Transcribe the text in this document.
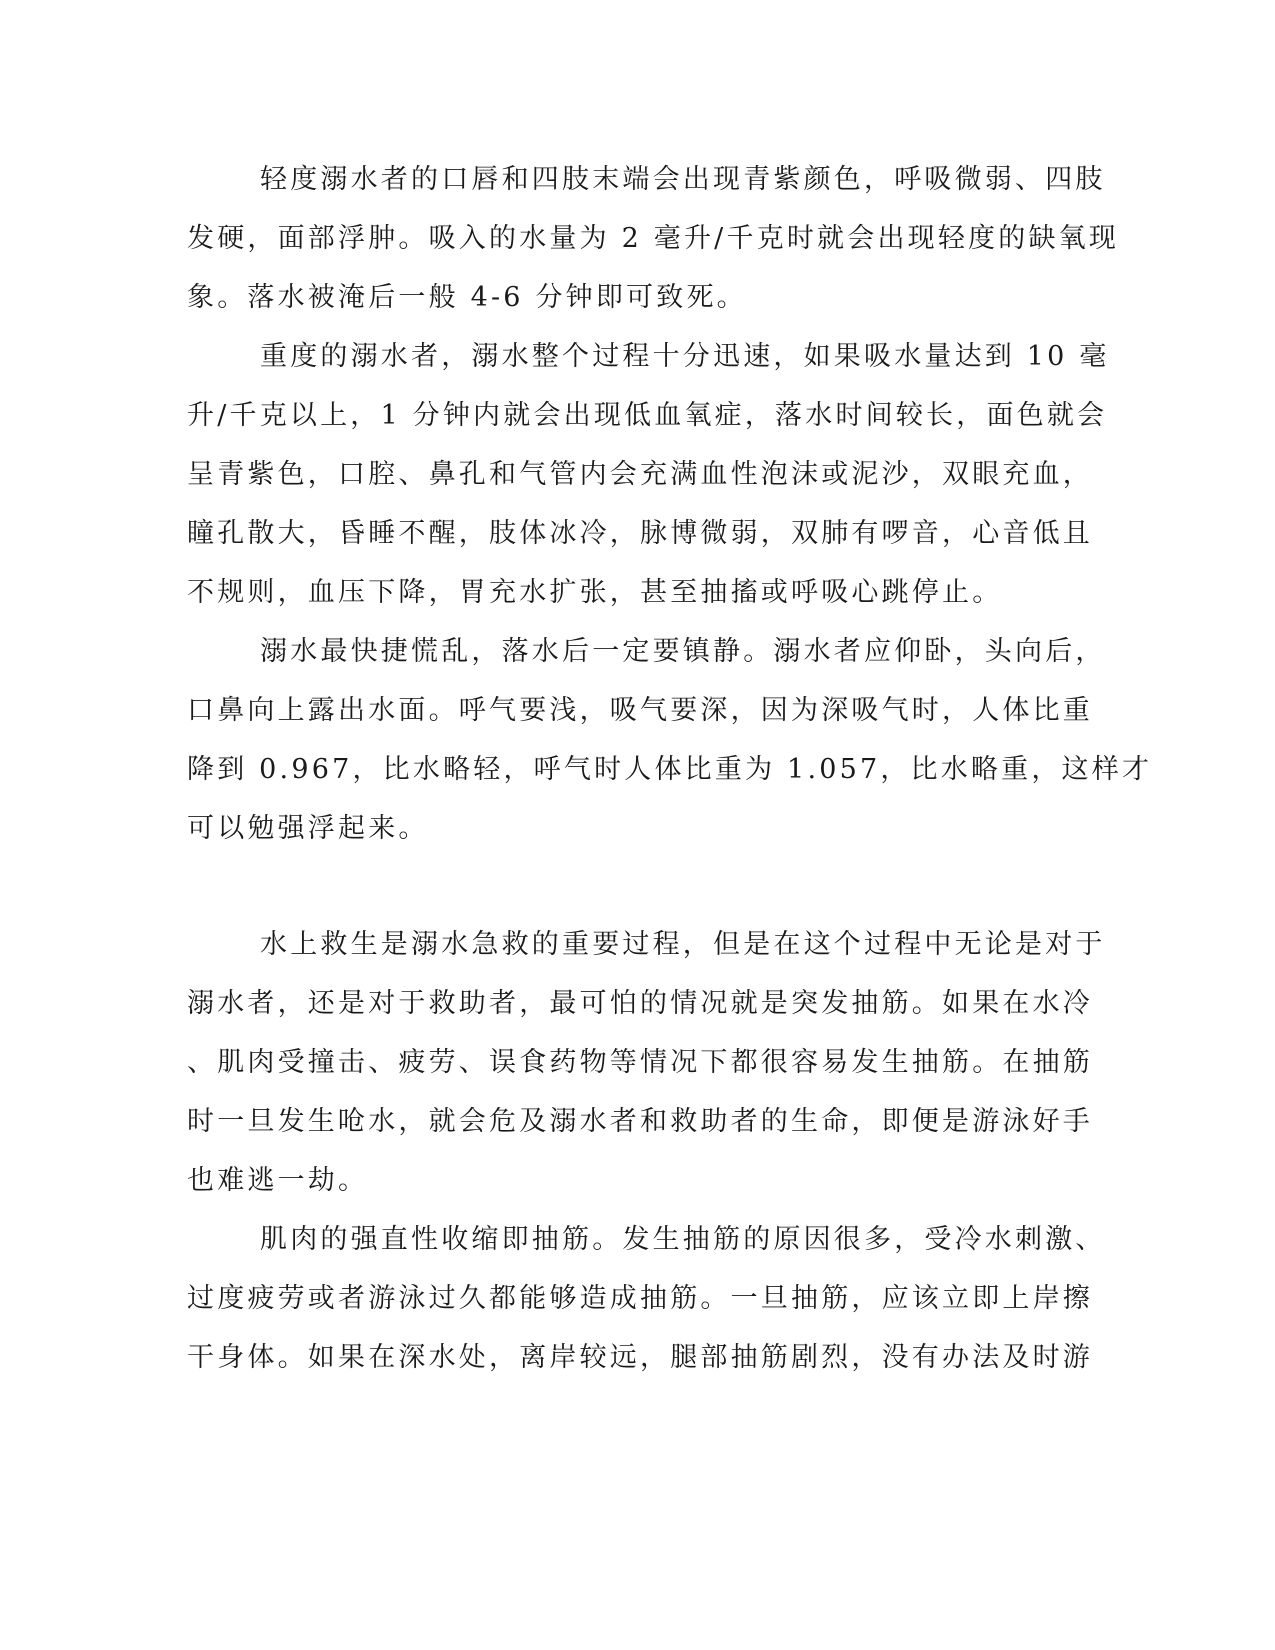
轻度溺水者的口唇和四肢末端会出现青紫颜色，呼吸微弱、四肢
发硬，面部浮肿。吸入的水量为 2 毫升/千克时就会出现轻度的缺氧现
象。落水被淹后一般 4-6 分钟即可致死。
重度的溺水者，溺水整个过程十分迅速，如果吸水量达到 10 毫
升/千克以上，1 分钟内就会出现低血氧症，落水时间较长，面色就会
呈青紫色，口腔、鼻孔和气管内会充满血性泡沫或泥沙，双眼充血，
瞳孔散大，昏睡不醒，肢体冰冷，脉博微弱，双肺有啰音，心音低且
不规则，血压下降，胃充水扩张，甚至抽搐或呼吸心跳停止。
溺水最快捷慌乱，落水后一定要镇静。溺水者应仰卧，头向后，
口鼻向上露出水面。呼气要浅，吸气要深，因为深吸气时，人体比重
降到 0.967，比水略轻，呼气时人体比重为 1.057，比水略重，这样才
可以勉强浮起来。
水上救生是溺水急救的重要过程，但是在这个过程中无论是对于
溺水者，还是对于救助者，最可怕的情况就是突发抽筋。如果在水冷
、肌肉受撞击、疲劳、误食药物等情况下都很容易发生抽筋。在抽筋
时一旦发生呛水，就会危及溺水者和救助者的生命，即便是游泳好手
也难逃一劫。
肌肉的强直性收缩即抽筋。发生抽筋的原因很多，受冷水刺激、
过度疲劳或者游泳过久都能够造成抽筋。一旦抽筋，应该立即上岸擦
干身体。如果在深水处，离岸较远，腿部抽筋剧烈，没有办法及时游
